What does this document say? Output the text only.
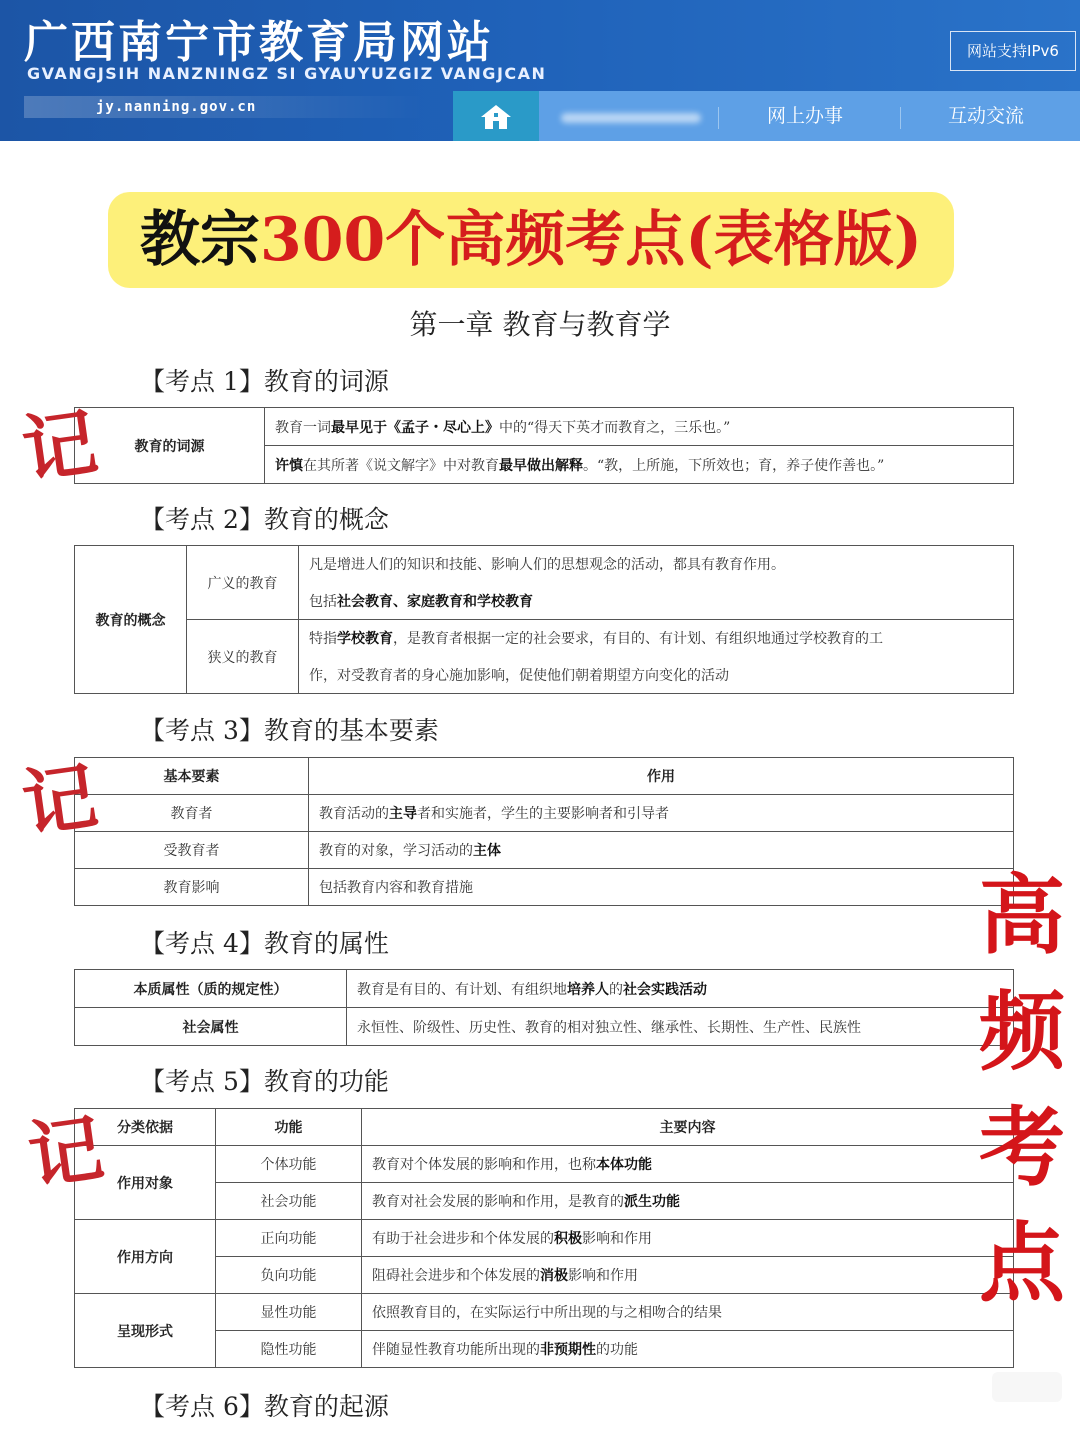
广西南宁市教育局网站
GVANGJSIH NANZNINGZ SI GYAUYUZGIZ VANGJCAN
jy.nanning.gov.cn
网站支持IPv6
网上办事	互动交流
教宗300个高频考点(表格版)
第一章 教育与教育学
【考点 1】教育的词源
教育的词源	教育一词最早见于《孟子・尽心上》中的“得天下英才而教育之，三乐也。”
许慎在其所著《说文解字》中对教育最早做出解释。“教，上所施，下所效也；育，养子使作善也。”
【考点 2】教育的概念
教育的概念	广义的教育	凡是增进人们的知识和技能、影响人们的思想观念的活动，都具有教育作用。
		包括社会教育、家庭教育和学校教育
	狭义的教育	特指学校教育，是教育者根据一定的社会要求，有目的、有计划、有组织地通过学校教育的工
		作，对受教育者的身心施加影响，促使他们朝着期望方向变化的活动
【考点 3】教育的基本要素
基本要素	作用
教育者	教育活动的主导者和实施者，学生的主要影响者和引导者
受教育者	教育的对象，学习活动的主体
教育影响	包括教育内容和教育措施
【考点 4】教育的属性
本质属性（质的规定性）	教育是有目的、有计划、有组织地培养人的社会实践活动
社会属性	永恒性、阶级性、历史性、教育的相对独立性、继承性、长期性、生产性、民族性
【考点 5】教育的功能
分类依据	功能	主要内容
作用对象	个体功能	教育对个体发展的影响和作用，也称本体功能
	社会功能	教育对社会发展的影响和作用，是教育的派生功能
作用方向	正向功能	有助于社会进步和个体发展的积极影响和作用
	负向功能	阻碍社会进步和个体发展的消极影响和作用
呈现形式	显性功能	依照教育目的，在实际运行中所出现的与之相吻合的结果
	隐性功能	伴随显性教育功能所出现的非预期性的功能
【考点 6】教育的起源
记
记
记
高
频
考
点
